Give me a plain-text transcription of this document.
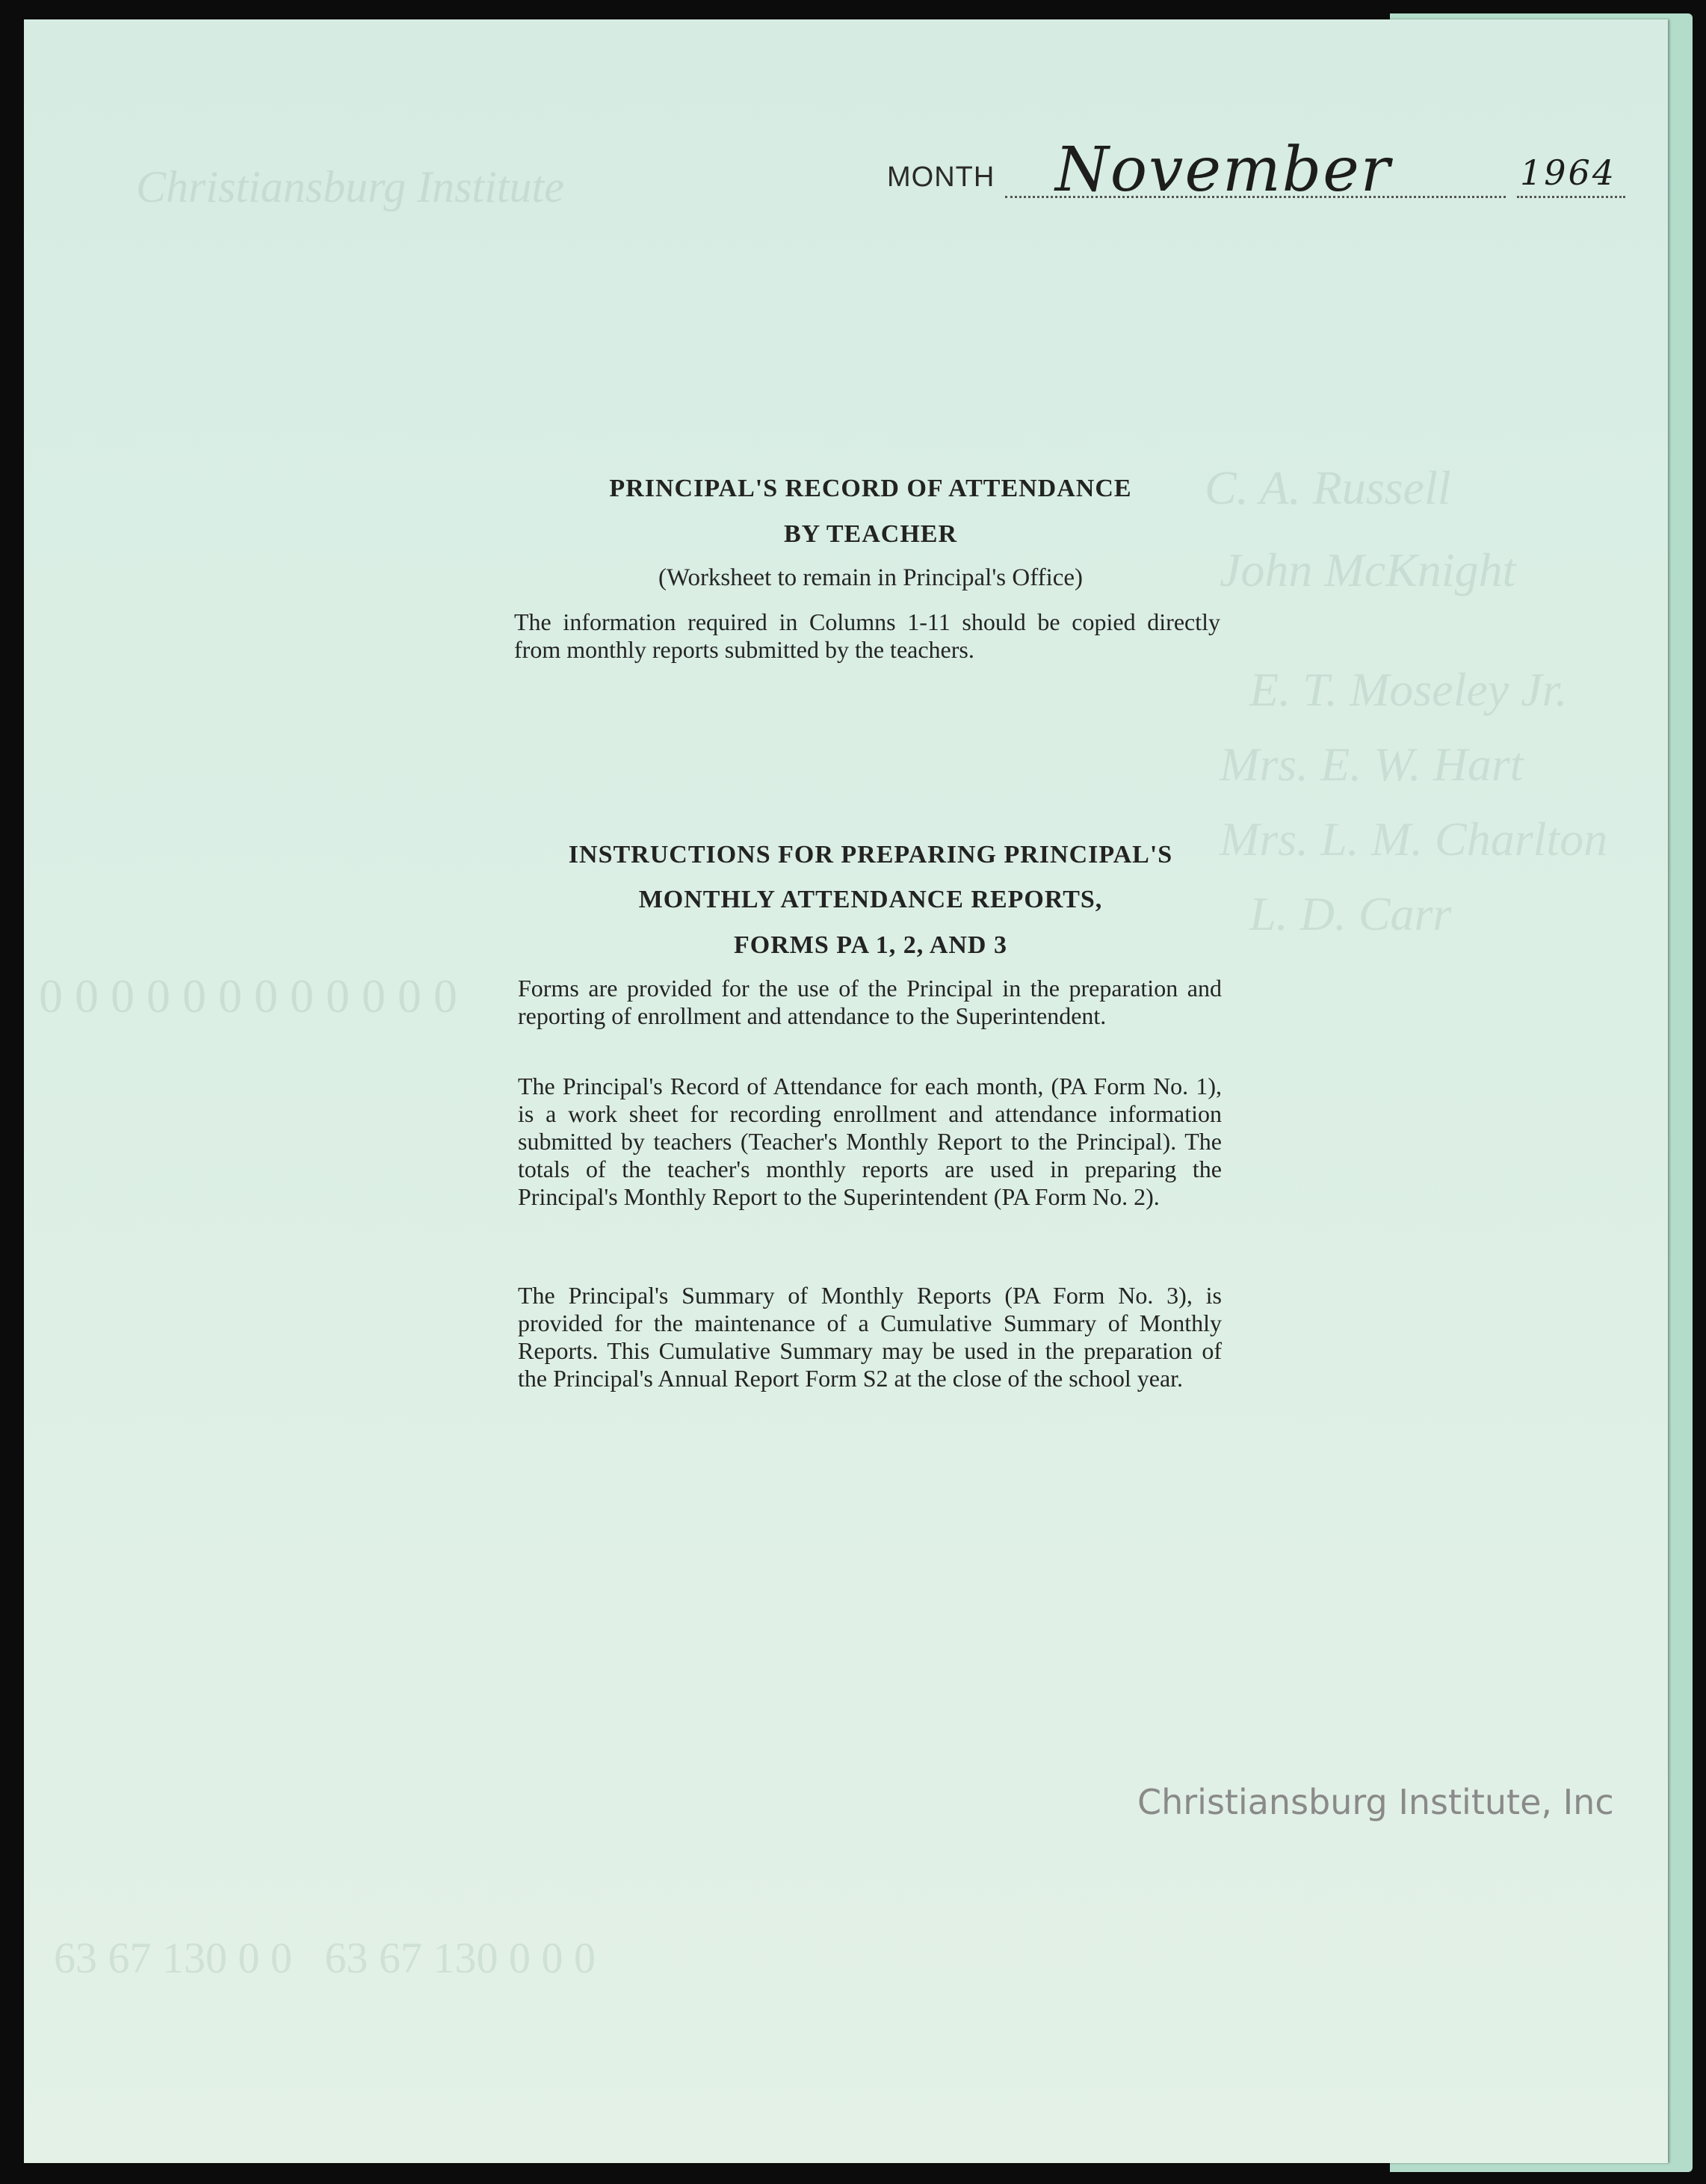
Christiansburg Institute
C. A. Russell
John McKnight
E. T. Moseley Jr.
Mrs. E. W. Hart
Mrs. L. M. Charlton
L. D. Carr
0 0 0 0 0 0 0 0 0 0 0 0
63 67 130 0 0   63 67 130 0 0 0
MONTH November	1964
PRINCIPAL'S RECORD OF ATTENDANCE
BY TEACHER
(Worksheet to remain in Principal's Office)
The information required in Columns 1-11 should be copied directly from monthly reports submitted by the teachers.
INSTRUCTIONS FOR PREPARING PRINCIPAL'S
MONTHLY ATTENDANCE REPORTS,
FORMS PA 1, 2, AND 3
Forms are provided for the use of the Principal in the preparation and reporting of enrollment and attendance to the Superintendent.
The Principal's Record of Attendance for each month, (PA Form No. 1), is a work sheet for recording enrollment and attendance information submitted by teachers (Teacher's Monthly Report to the Principal). The totals of the teacher's monthly reports are used in preparing the Principal's Monthly Report to the Superintendent (PA Form No. 2).
The Principal's Summary of Monthly Reports (PA Form No. 3), is provided for the maintenance of a Cumulative Summary of Monthly Reports. This Cumulative Summary may be used in the preparation of the Principal's Annual Report Form S2 at the close of the school year.
Christiansburg Institute, Inc
